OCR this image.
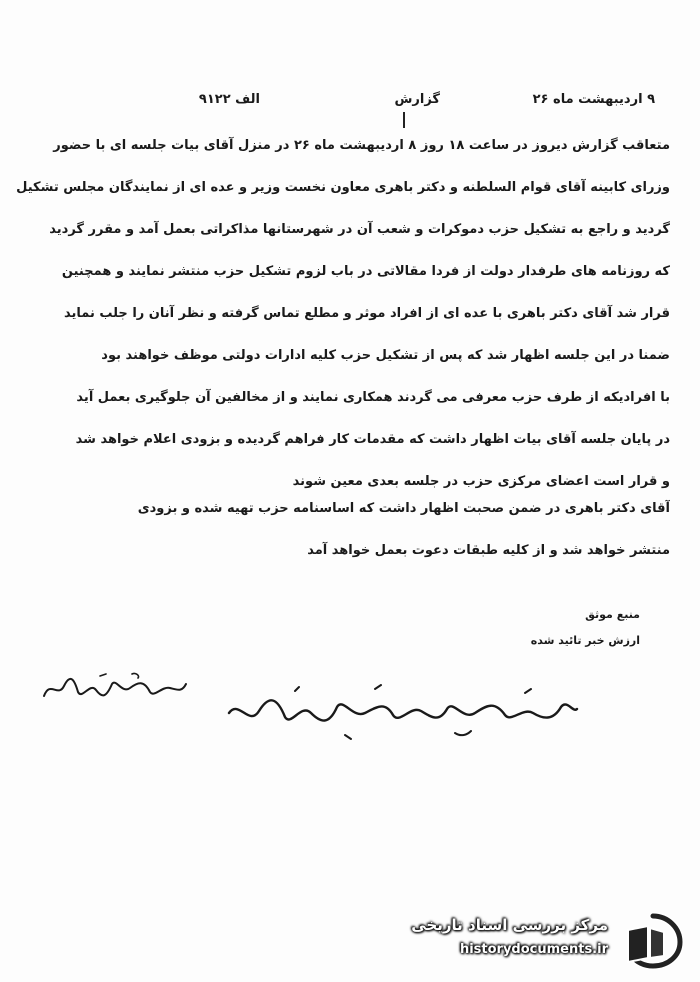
۹ اردیبهشت ماه ۲۶
گزارش
الف ۹۱۲۲
متعاقب گزارش دیروز در ساعت ۱۸ روز ۸ اردیبهشت ماه ۲۶ در منزل آقای بیات جلسه ای با حضور
وزرای کابینه آقای قوام السلطنه و دکتر باهری معاون نخست وزیر و عده ای از نمایندگان مجلس تشکیل
گردید و راجع به تشکیل حزب دموکرات و شعب آن در شهرستانها مذاکراتی بعمل آمد و مقرر گردید
که روزنامه های طرفدار دولت از فردا مقالاتی در باب لزوم تشکیل حزب منتشر نمایند و همچنین
قرار شد آقای دکتر باهری با عده ای از افراد موثر و مطلع تماس گرفته و نظر آنان را جلب نماید
ضمنا در این جلسه اظهار شد که پس از تشکیل حزب کلیه ادارات دولتی موظف خواهند بود
با افرادیکه از طرف حزب معرفی می گردند همکاری نمایند و از مخالفین آن جلوگیری بعمل آید
در پایان جلسه آقای بیات اظهار داشت که مقدمات کار فراهم گردیده و بزودی اعلام خواهد شد
و قرار است اعضای مرکزی حزب در جلسه بعدی معین شوند
آقای دکتر باهری در ضمن صحبت اظهار داشت که اساسنامه حزب تهیه شده و بزودی
منتشر خواهد شد و از کلیه طبقات دعوت بعمل خواهد آمد
منبع موثق
ارزش خبر تائید شده
مرکز بررسی اسناد تاریخی
historydocuments.ir
